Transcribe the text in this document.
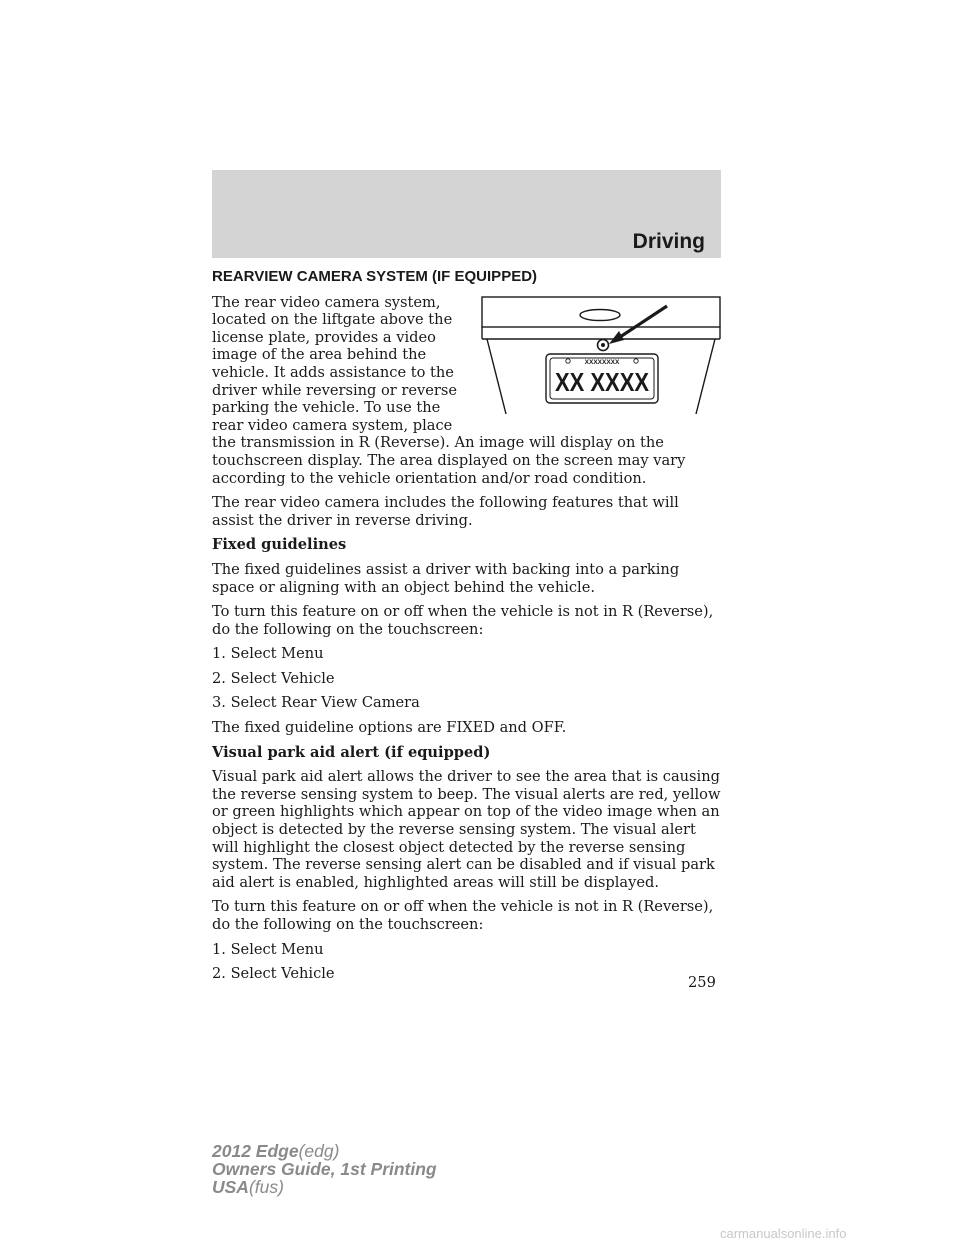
Driving
REARVIEW CAMERA SYSTEM (IF EQUIPPED)
XXXXXXXX
XX XXXX
The rear video camera system, located on the liftgate above the license plate, provides a video image of the area behind the vehicle. It adds assistance to the driver while reversing or reverse parking the vehicle. To use the rear video camera system, place the transmission in R (Reverse). An image will display on the touchscreen display. The area displayed on the screen may vary according to the vehicle orientation and/or road condition.
The rear video camera includes the following features that will assist the driver in reverse driving.
Fixed guidelines
The fixed guidelines assist a driver with backing into a parking space or aligning with an object behind the vehicle.
To turn this feature on or off when the vehicle is not in R (Reverse), do the following on the touchscreen:
1. Select Menu
2. Select Vehicle
3. Select Rear View Camera
The fixed guideline options are FIXED and OFF.
Visual park aid alert (if equipped)
Visual park aid alert allows the driver to see the area that is causing the reverse sensing system to beep. The visual alerts are red, yellow or green highlights which appear on top of the video image when an object is detected by the reverse sensing system. The visual alert will highlight the closest object detected by the reverse sensing system. The reverse sensing alert can be disabled and if visual park aid alert is enabled, highlighted areas will still be displayed.
To turn this feature on or off when the vehicle is not in R (Reverse), do the following on the touchscreen:
1. Select Menu
2. Select Vehicle
259
2012 Edge(edg)
Owners Guide, 1st Printing
USA(fus)
carmanualsonline.info
